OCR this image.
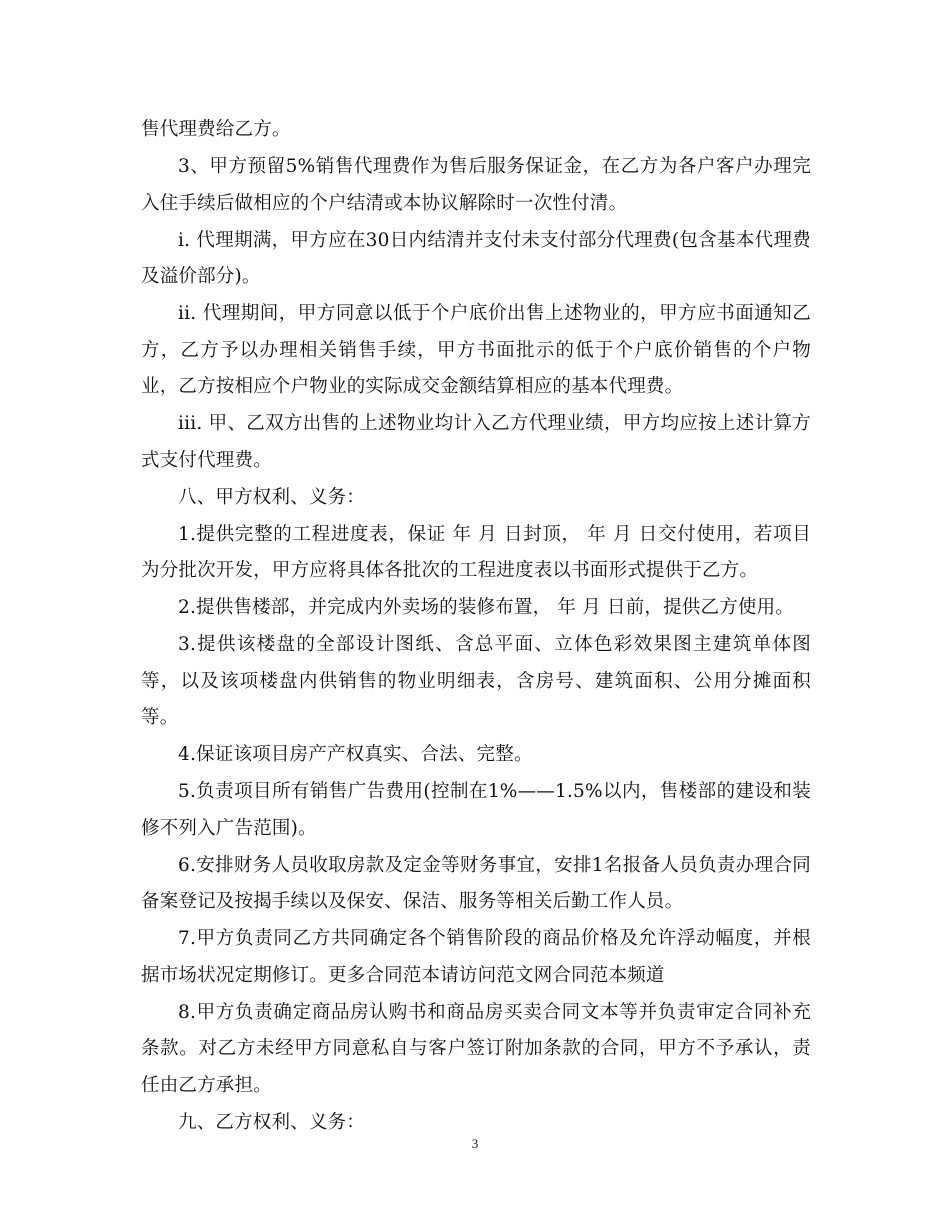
售代理费给乙方。

3、甲方预留5%销售代理费作为售后服务保证金，在乙方为各户客户办理完入住手续后做相应的个户结清或本协议解除时一次性付清。

i. 代理期满，甲方应在30日内结清并支付未支付部分代理费(包含基本代理费及溢价部分)。

ii. 代理期间，甲方同意以低于个户底价出售上述物业的，甲方应书面通知乙方，乙方予以办理相关销售手续，甲方书面批示的低于个户底价销售的个户物业，乙方按相应个户物业的实际成交金额结算相应的基本代理费。

iii. 甲、乙双方出售的上述物业均计入乙方代理业绩，甲方均应按上述计算方式支付代理费。

八、甲方权利、义务：

1.提供完整的工程进度表，保证 年 月 日封顶， 年 月 日交付使用，若项目为分批次开发，甲方应将具体各批次的工程进度表以书面形式提供于乙方。

2.提供售楼部，并完成内外卖场的装修布置， 年 月 日前，提供乙方使用。

3.提供该楼盘的全部设计图纸、含总平面、立体色彩效果图主建筑单体图等，以及该项楼盘内供销售的物业明细表，含房号、建筑面积、公用分摊面积等。

4.保证该项目房产产权真实、合法、完整。

5.负责项目所有销售广告费用(控制在1%——1.5%以内，售楼部的建设和装修不列入广告范围)。

6.安排财务人员收取房款及定金等财务事宜，安排1名报备人员负责办理合同备案登记及按揭手续以及保安、保洁、服务等相关后勤工作人员。

7.甲方负责同乙方共同确定各个销售阶段的商品价格及允许浮动幅度，并根据市场状况定期修订。更多合同范本请访问范文网合同范本频道

8.甲方负责确定商品房认购书和商品房买卖合同文本等并负责审定合同补充条款。对乙方未经甲方同意私自与客户签订附加条款的合同，甲方不予承认，责任由乙方承担。

九、乙方权利、义务：

3
